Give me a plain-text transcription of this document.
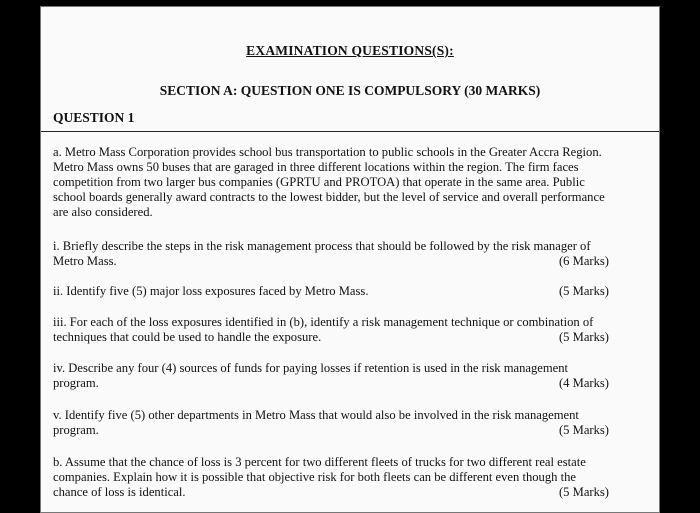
EXAMINATION QUESTIONS(S):
SECTION A: QUESTION ONE IS COMPULSORY (30 MARKS)
QUESTION 1
a. Metro Mass Corporation provides school bus transportation to public schools in the Greater Accra Region.
Metro Mass owns 50 buses that are garaged in three different locations within the region. The firm faces
competition from two larger bus companies (GPRTU and PROTOA) that operate in the same area. Public
school boards generally award contracts to the lowest bidder, but the level of service and overall performance
are also considered.
i. Briefly describe the steps in the risk management process that should be followed by the risk manager of
Metro Mass.	(6 Marks)
ii. Identify five (5) major loss exposures faced by Metro Mass.	(5 Marks)
iii. For each of the loss exposures identified in (b), identify a risk management technique or combination of
techniques that could be used to handle the exposure.	(5 Marks)
iv. Describe any four (4) sources of funds for paying losses if retention is used in the risk management
program.	(4 Marks)
v. Identify five (5) other departments in Metro Mass that would also be involved in the risk management
program.	(5 Marks)
b. Assume that the chance of loss is 3 percent for two different fleets of trucks for two different real estate
companies. Explain how it is possible that objective risk for both fleets can be different even though the
chance of loss is identical.	(5 Marks)
